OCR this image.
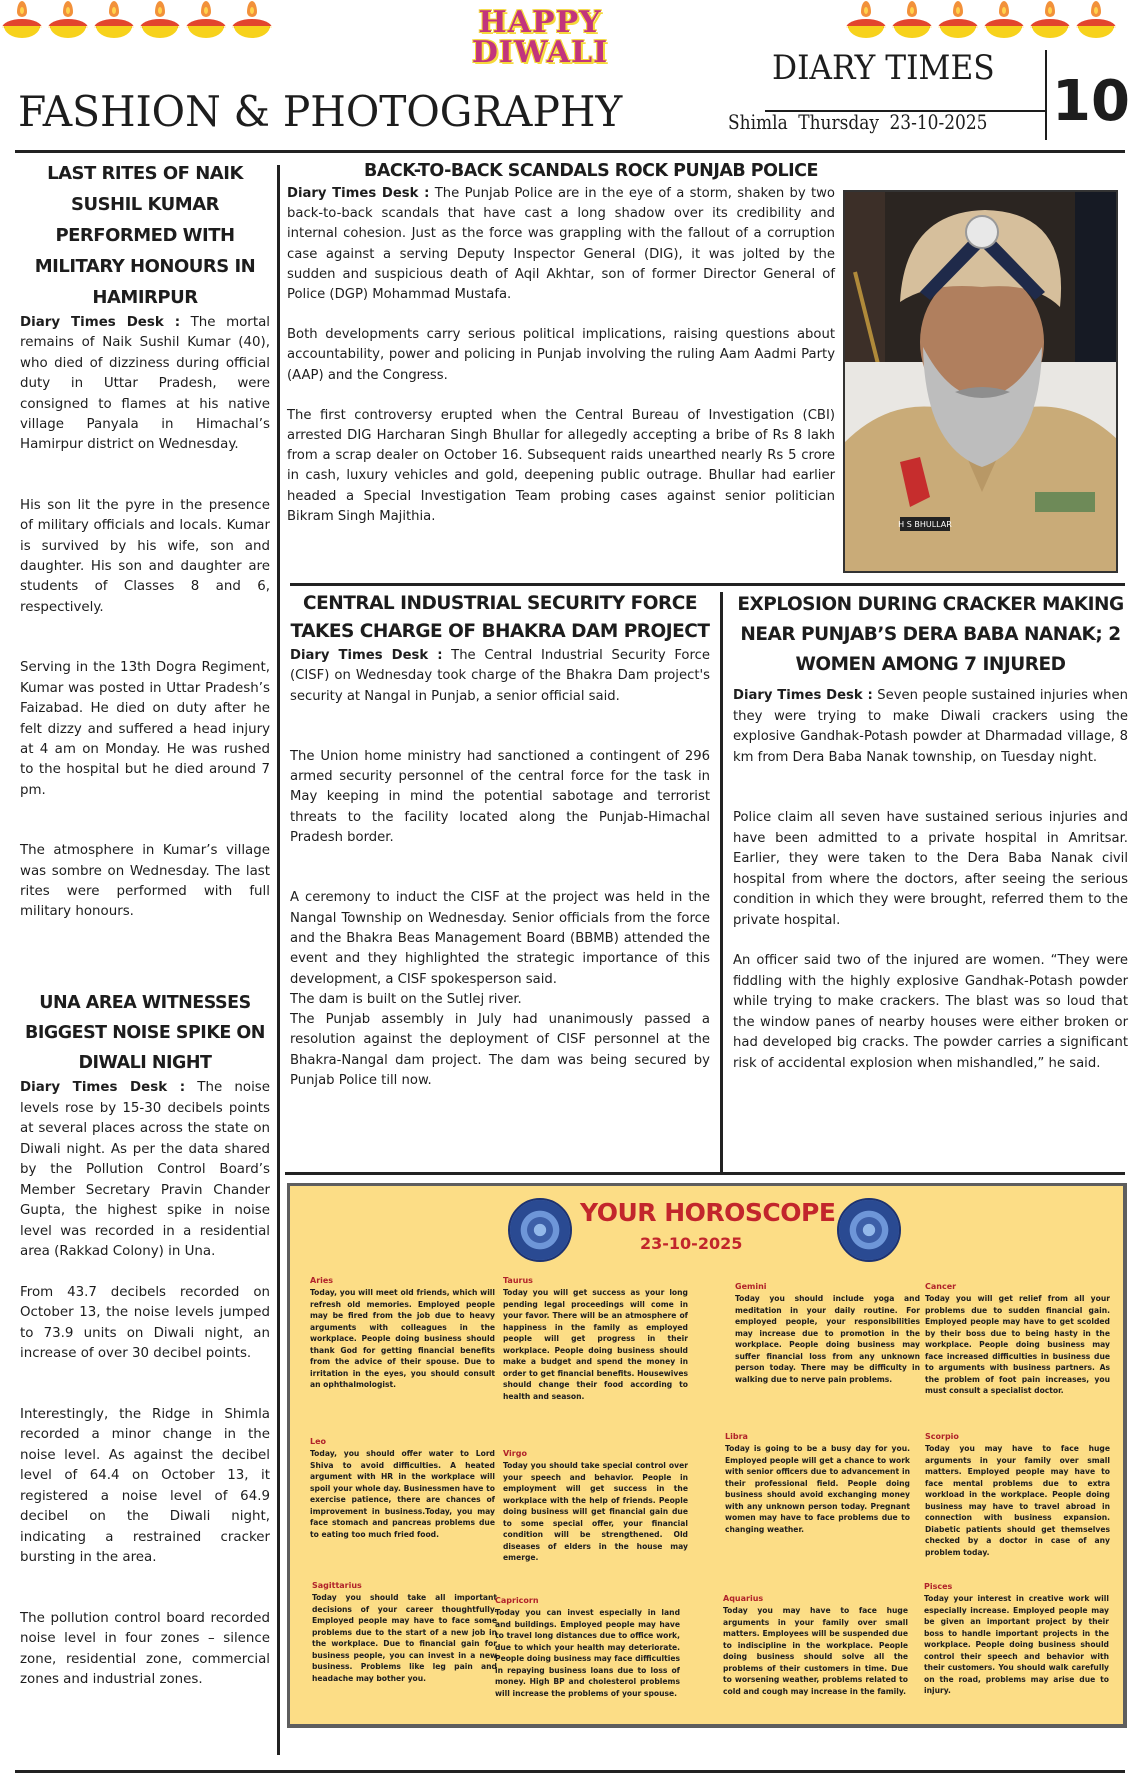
HAPPY
DIWALI
FASHION & PHOTOGRAPHY
DIARY TIMES
Shimla Thursday 23-10-2025 10
LAST RITES OF NAIK SUSHIL KUMAR PERFORMED WITH MILITARY HONOURS IN HAMIRPUR

Diary Times Desk : The mortal remains of Naik Sushil Kumar (40), who died of dizziness during official duty in Uttar Pradesh, were consigned to flames at his native village Panyala in Himachal’s Hamirpur district on Wednesday.

His son lit the pyre in the presence of military officials and locals. Kumar is survived by his wife, son and daughter. His son and daughter are students of Classes 8 and 6, respectively.

Serving in the 13th Dogra Regiment, Kumar was posted in Uttar Pradesh’s Faizabad. He died on duty after he felt dizzy and suffered a head injury at 4 am on Monday. He was rushed to the hospital but he died around 7 pm.

The atmosphere in Kumar’s village was sombre on Wednesday. The last rites were performed with full military honours.

UNA AREA WITNESSES BIGGEST NOISE SPIKE ON DIWALI NIGHT

Diary Times Desk : The noise levels rose by 15-30 decibels points at several places across the state on Diwali night. As per the data shared by the Pollution Control Board’s Member Secretary Pravin Chander Gupta, the highest spike in noise level was recorded in a residential area (Rakkad Colony) in Una.

From 43.7 decibels recorded on October 13, the noise levels jumped to 73.9 units on Diwali night, an increase of over 30 decibel points.

Interestingly, the Ridge in Shimla recorded a minor change in the noise level. As against the decibel level of 64.4 on October 13, it registered a noise level of 64.9 decibel on the Diwali night, indicating a restrained cracker bursting in the area.

The pollution control board recorded noise level in four zones – silence zone, residential zone, commercial zones and industrial zones.

BACK-TO-BACK SCANDALS ROCK PUNJAB POLICE

Diary Times Desk : The Punjab Police are in the eye of a storm, shaken by two back-to-back scandals that have cast a long shadow over its credibility and internal cohesion. Just as the force was grappling with the fallout of a corruption case against a serving Deputy Inspector General (DIG), it was jolted by the sudden and suspicious death of Aqil Akhtar, son of former Director General of Police (DGP) Mohammad Mustafa.

Both developments carry serious political implications, raising questions about accountability, power and policing in Punjab involving the ruling Aam Aadmi Party (AAP) and the Congress.

The first controversy erupted when the Central Bureau of Investigation (CBI) arrested DIG Harcharan Singh Bhullar for allegedly accepting a bribe of Rs 8 lakh from a scrap dealer on October 16. Subsequent raids unearthed nearly Rs 5 crore in cash, luxury vehicles and gold, deepening public outrage. Bhullar had earlier headed a Special Investigation Team probing cases against senior politician Bikram Singh Majithia.

H S BHULLAR
CENTRAL INDUSTRIAL SECURITY FORCE TAKES CHARGE OF BHAKRA DAM PROJECT

Diary Times Desk : The Central Industrial Security Force (CISF) on Wednesday took charge of the Bhakra Dam project's security at Nangal in Punjab, a senior official said.

The Union home ministry had sanctioned a contingent of 296 armed security personnel of the central force for the task in May keeping in mind the potential sabotage and terrorist threats to the facility located along the Punjab-Himachal Pradesh border.

A ceremony to induct the CISF at the project was held in the Nangal Township on Wednesday. Senior officials from the force and the Bhakra Beas Management Board (BBMB) attended the event and they highlighted the strategic importance of this development, a CISF spokesperson said.

The dam is built on the Sutlej river.

The Punjab assembly in July had unanimously passed a resolution against the deployment of CISF personnel at the Bhakra-Nangal dam project. The dam was being secured by Punjab Police till now.

EXPLOSION DURING CRACKER MAKING NEAR PUNJAB’S DERA BABA NANAK; 2 WOMEN AMONG 7 INJURED

Diary Times Desk : Seven people sustained injuries when they were trying to make Diwali crackers using the explosive Gandhak-Potash powder at Dharmadad village, 8 km from Dera Baba Nanak township, on Tuesday night.

Police claim all seven have sustained serious injuries and have been admitted to a private hospital in Amritsar. Earlier, they were taken to the Dera Baba Nanak civil hospital from where the doctors, after seeing the serious condition in which they were brought, referred them to the private hospital.

An officer said two of the injured are women. “They were fiddling with the highly explosive Gandhak-Potash powder while trying to make crackers. The blast was so loud that the window panes of nearby houses were either broken or had developed big cracks. The powder carries a significant risk of accidental explosion when mishandled,” he said.

YOUR HOROSCOPE
23-10-2025
Aries
Today, you will meet old friends, which will refresh old memories. Employed people may be fired from the job due to heavy arguments with colleagues in the workplace. People doing business should thank God for getting financial benefits from the advice of their spouse. Due to irritation in the eyes, you should consult an ophthalmologist.
Taurus
Today you will get success as your long pending legal proceedings will come in your favor. There will be an atmosphere of happiness in the family as employed people will get progress in their workplace. People doing business should make a budget and spend the money in order to get financial benefits. Housewives should change their food according to health and season.
Gemini
Today you should include yoga and meditation in your daily routine. For employed people, your responsibilities may increase due to promotion in the workplace. People doing business may suffer financial loss from any unknown person today. There may be difficulty in walking due to nerve pain problems.
Cancer
Today you will get relief from all your problems due to sudden financial gain. Employed people may have to get scolded by their boss due to being hasty in the workplace. People doing business may face increased difficulties in business due to arguments with business partners. As the problem of foot pain increases, you must consult a specialist doctor.
Leo
Today, you should offer water to Lord Shiva to avoid difficulties. A heated argument with HR in the workplace will spoil your whole day. Businessmen have to exercise patience, there are chances of improvement in business.Today, you may face stomach and pancreas problems due to eating too much fried food.
Virgo
Today you should take special control over your speech and behavior. People in employment will get success in the workplace with the help of friends. People doing business will get financial gain due to some special offer, your financial condition will be strengthened. Old diseases of elders in the house may emerge.
Libra
Today is going to be a busy day for you. Employed people will get a chance to work with senior officers due to advancement in their professional field. People doing business should avoid exchanging money with any unknown person today. Pregnant women may have to face problems due to changing weather.
Scorpio
Today you may have to face huge arguments in your family over small matters. Employed people may have to face mental problems due to extra workload in the workplace. People doing business may have to travel abroad in connection with business expansion. Diabetic patients should get themselves checked by a doctor in case of any problem today.
Sagittarius
Today you should take all important decisions of your career thoughtfully. Employed people may have to face some problems due to the start of a new job in the workplace. Due to financial gain for business people, you can invest in a new business. Problems like leg pain and headache may bother you.
Capricorn
Today you can invest especially in land and buildings. Employed people may have to travel long distances due to office work, due to which your health may deteriorate. People doing business may face difficulties in repaying business loans due to loss of money. High BP and cholesterol problems will increase the problems of your spouse.
Aquarius
Today you may have to face huge arguments in your family over small matters. Employees will be suspended due to indiscipline in the workplace. People doing business should solve all the problems of their customers in time. Due to worsening weather, problems related to cold and cough may increase in the family.
Pisces
Today your interest in creative work will especially increase. Employed people may be given an important project by their boss to handle important projects in the workplace. People doing business should control their speech and behavior with their customers. You should walk carefully on the road, problems may arise due to injury.
